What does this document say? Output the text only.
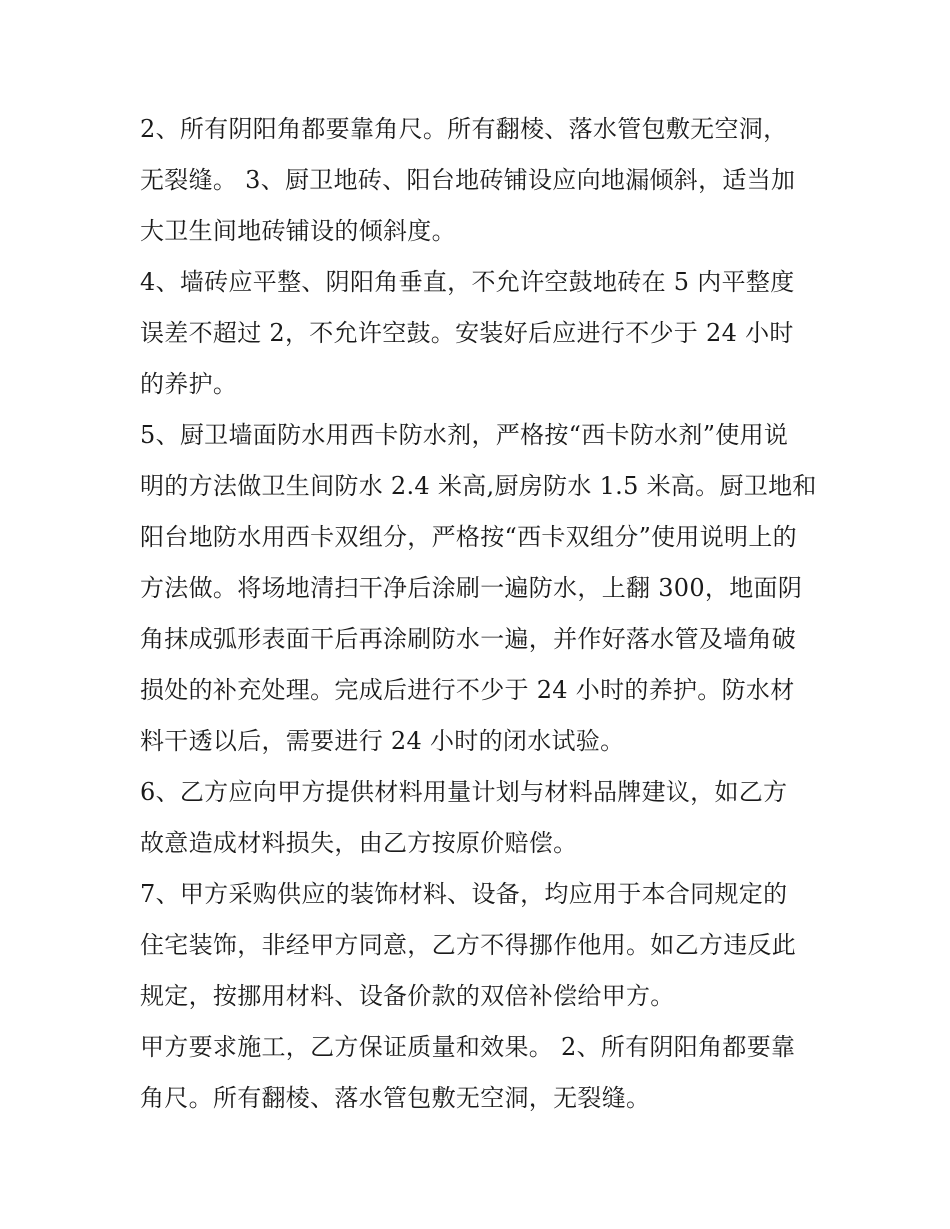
2、所有阴阳角都要靠角尺。所有翻棱、落水管包敷无空洞，
无裂缝。 3、厨卫地砖、阳台地砖铺设应向地漏倾斜，适当加
大卫生间地砖铺设的倾斜度。
4、墙砖应平整、阴阳角垂直，不允许空鼓地砖在 5 内平整度
误差不超过 2，不允许空鼓。安装好后应进行不少于 24 小时
的养护。
5、厨卫墙面防水用西卡防水剂，严格按“西卡防水剂”使用说
明的方法做卫生间防水 2.4 米高,厨房防水 1.5 米高。厨卫地和
阳台地防水用西卡双组分，严格按“西卡双组分”使用说明上的
方法做。将场地清扫干净后涂刷一遍防水，上翻 300，地面阴
角抹成弧形表面干后再涂刷防水一遍，并作好落水管及墙角破
损处的补充处理。完成后进行不少于 24 小时的养护。防水材
料干透以后，需要进行 24 小时的闭水试验。
6、乙方应向甲方提供材料用量计划与材料品牌建议，如乙方
故意造成材料损失，由乙方按原价赔偿。
7、甲方采购供应的装饰材料、设备，均应用于本合同规定的
住宅装饰，非经甲方同意，乙方不得挪作他用。如乙方违反此
规定，按挪用材料、设备价款的双倍补偿给甲方。
甲方要求施工，乙方保证质量和效果。 2、所有阴阳角都要靠
角尺。所有翻棱、落水管包敷无空洞，无裂缝。
